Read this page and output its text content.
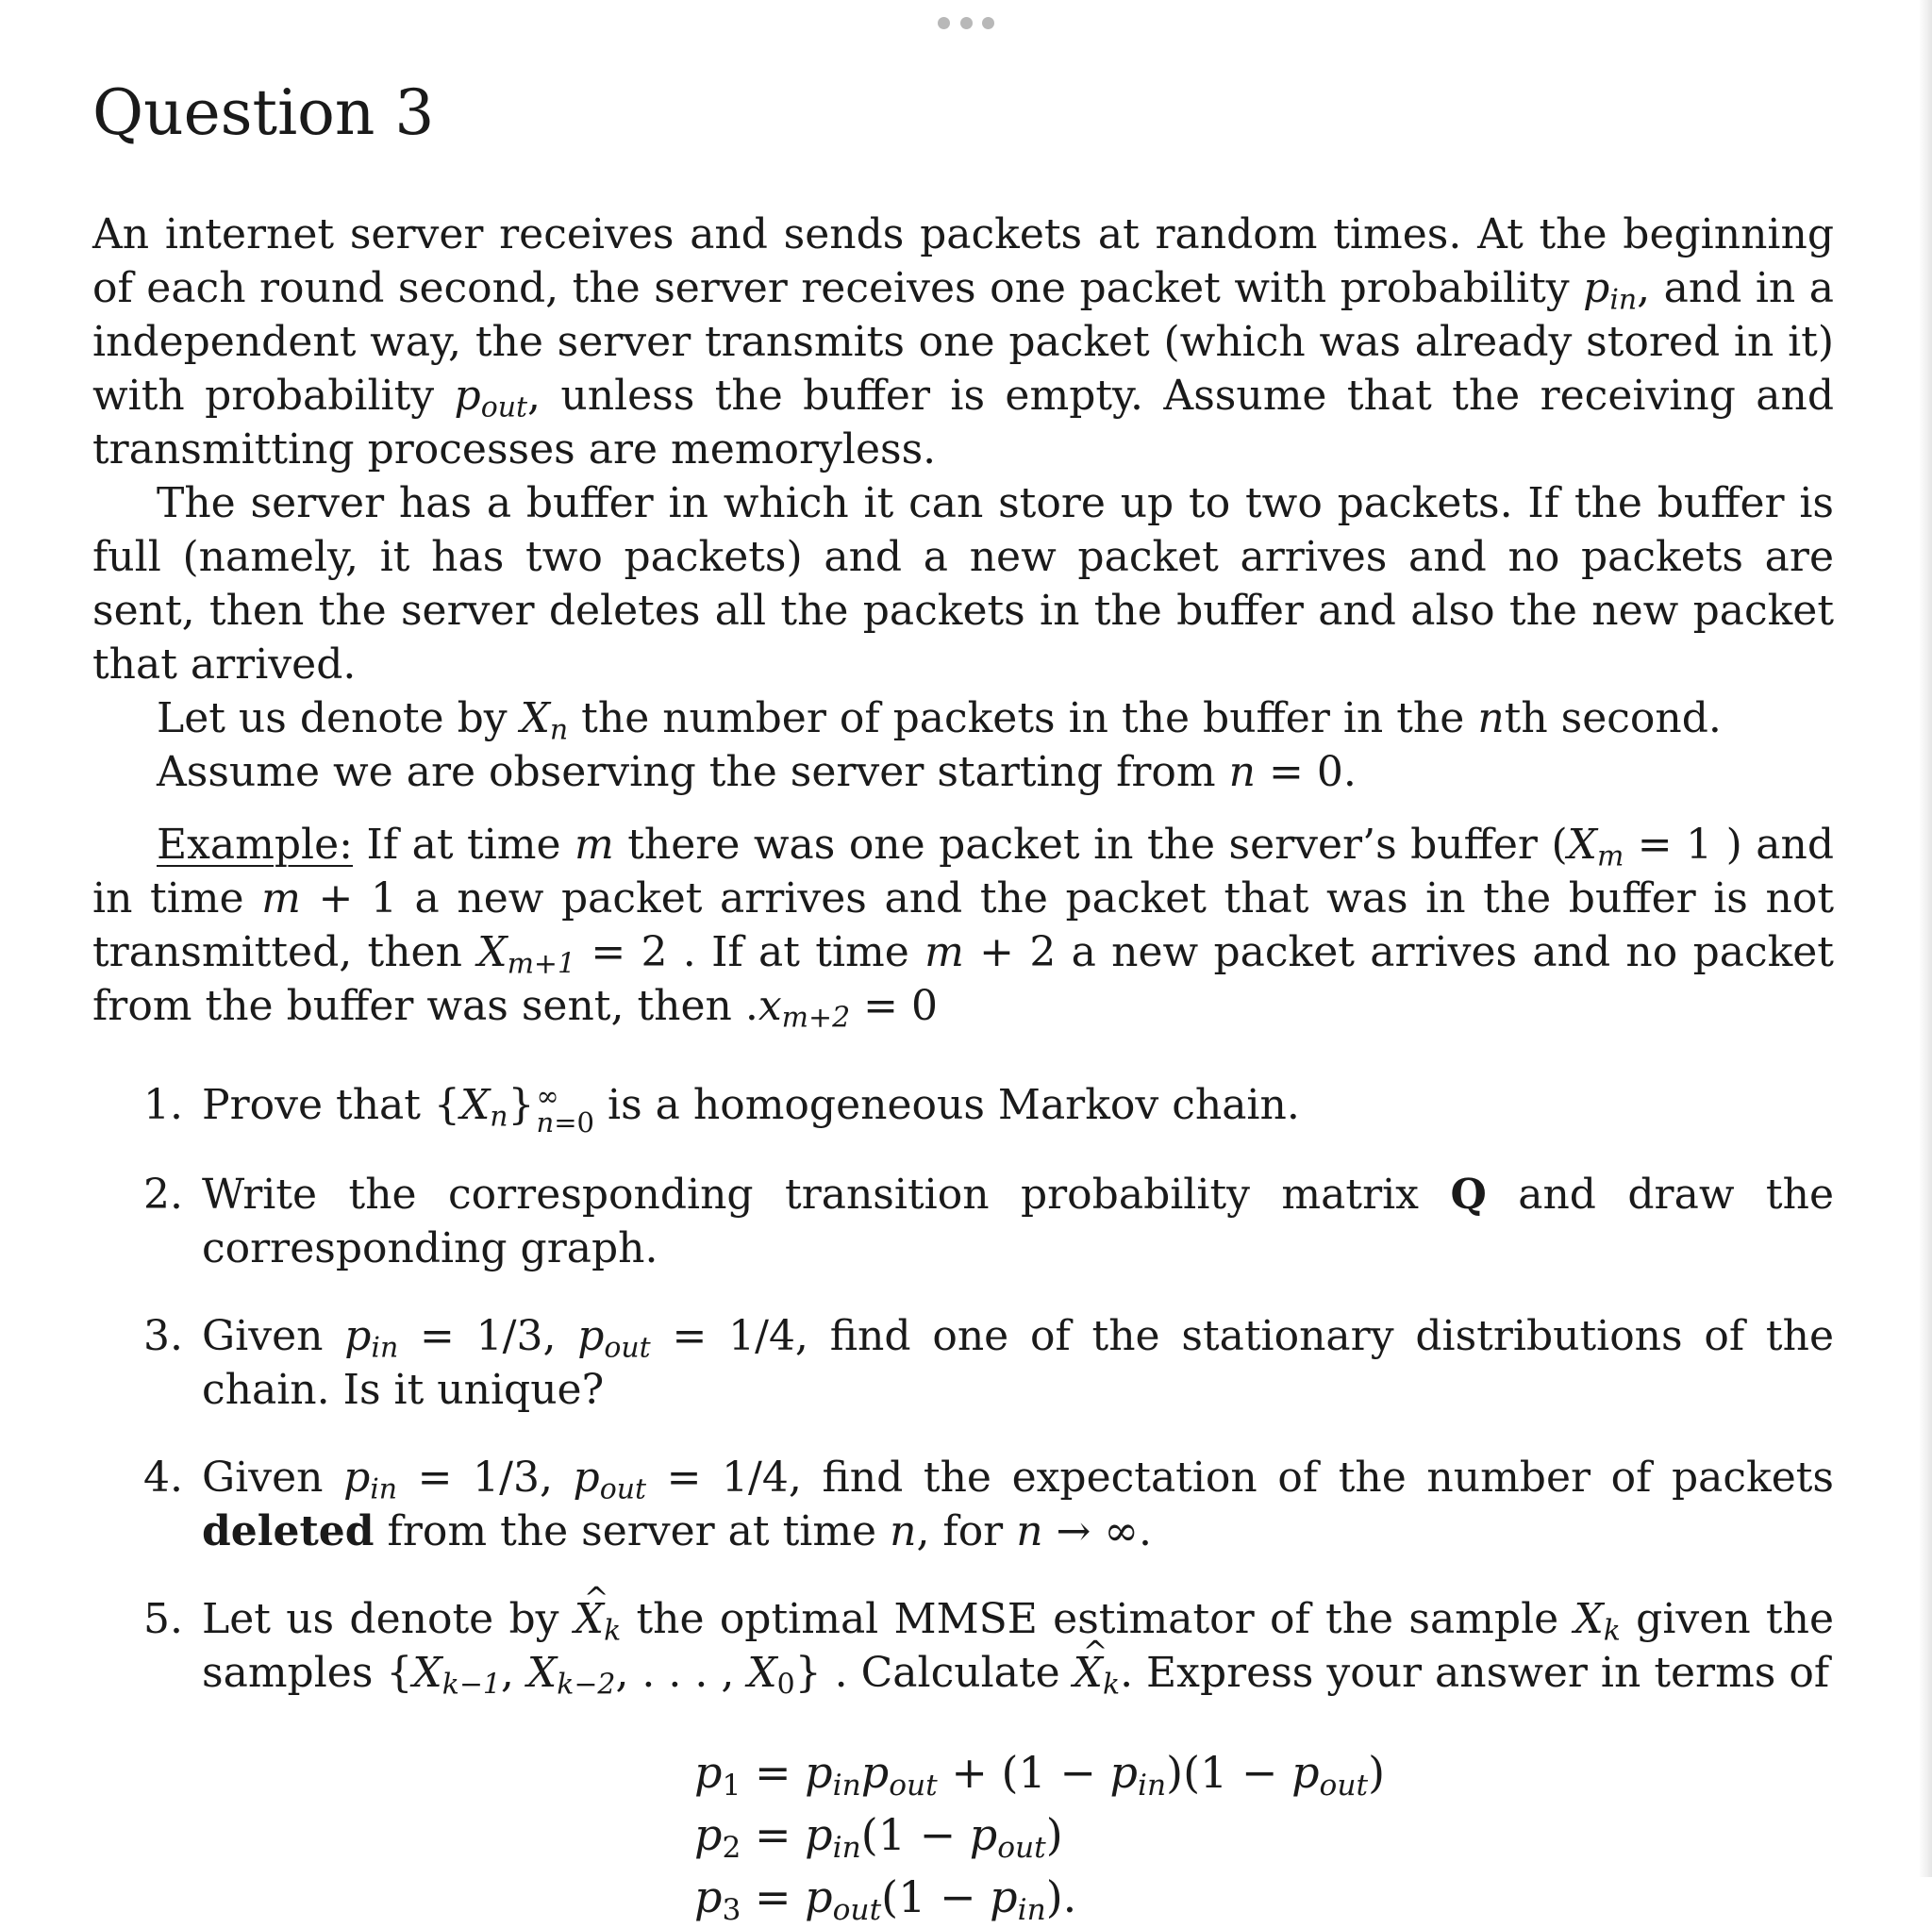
Question 3

An internet server receives and sends packets at random times. At the beginning of each round second, the server receives one packet with probability $p_{in}$, and in a independent way, the server transmits one packet (which was already stored in it) with probability $p_{out}$, unless the buffer is empty. Assume that the receiving and transmitting processes are memoryless.

The server has a buffer in which it can store up to two packets. If the buffer is full (namely, it has two packets) and a new packet arrives and no packets are sent, then the server deletes all the packets in the buffer and also the new packet that arrived.

Let us denote by $X_n$ the number of packets in the buffer in the nth second.

Assume we are observing the server starting from n = 0.

Example: If at time m there was one packet in the server’s buffer ($X_m = 1$ ) and in time m + 1 a new packet arrives and the packet that was in the buffer is not transmitted, then $X_{m+1} = 2$ . If at time m + 2 a new packet arrives and no packet from the buffer was sent, then $.x_{m+2} = 0$

1. Prove that $\{X_n\}$ ∞
n=0 is a homogeneous Markov chain.
2. Write the corresponding transition probability matrix Q and draw the corresponding graph.
3. Given $p_{in} = 1/3$, $p_{out} = 1/4$, find one of the stationary distributions of the chain. Is it unique?
4. Given $p_{in} = 1/3$, $p_{out} = 1/4$, find the expectation of the number of packets deleted from the server at time n, for n → ∞.
5. Let us denote by ^ $X_k$ the optimal MMSE estimator of the sample $X_k$ given the samples {$X_{k-1}$, $X_{k-2}$, . . . , $X_0$} . Calculate ^ $X_k$. Express your answer in terms of
$p_1 = p_{in}p_{out} + (1 - p_{in})(1 - p_{out})$
$p_2 = p_{in}(1 - p_{out})$
$p_3 = p_{out}(1 - p_{in})$.
